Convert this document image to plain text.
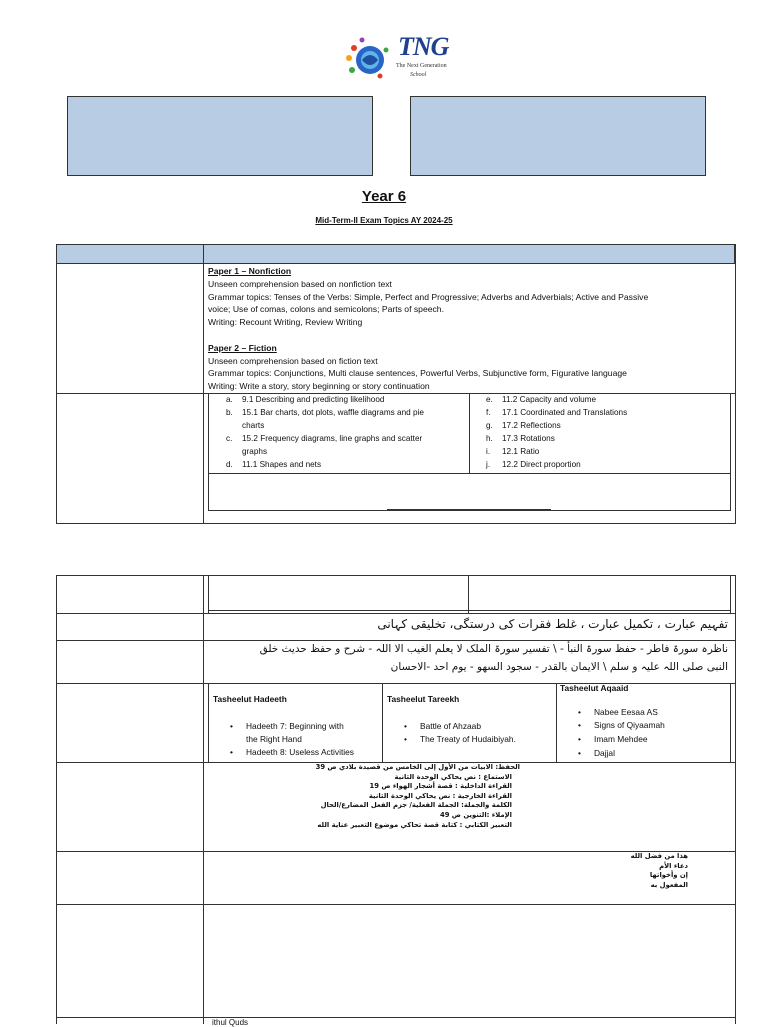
TNG
The Next Generation
School
Year 6
Mid-Term-II Exam Topics AY 2024-25
Paper 1 – Nonfiction
Unseen comprehension based on nonfiction text
Grammar topics: Tenses of the Verbs: Simple, Perfect and Progressive; Adverbs and Adverbials; Active and Passive
voice; Use of comas, colons and semicolons; Parts of speech.
Writing: Recount Writing, Review Writing
Paper 2 – Fiction
Unseen comprehension based on fiction text
Grammar topics: Conjunctions, Multi clause sentences, Powerful Verbs, Subjunctive form, Figurative language
Writing: Write a story, story beginning or story continuation
a. 9.1 Describing and predicting likelihood
b. 15.1 Bar charts, dot plots, waffle diagrams and pie
charts
c. 15.2 Frequency diagrams, line graphs and scatter
graphs
d. 11.1 Shapes and nets
e. 11.2 Capacity and volume
f. 17.1 Coordinated and Translations
g. 17.2 Reflections
h. 17.3 Rotations
i. 12.1 Ratio
j. 12.2 Direct proportion
تفہیم عبارت ، تکمیل عبارت ، غلط فقرات کی درستگی، تخلیقی کہانی
ناظرہ سورۃ فاطر - حفظ سورۃ النبأ - \ تفسیر سورۃ الملک لا یعلم الغیب الا اللہ - شرح و حفظ حدیث خلق
النبی صلی اللہ علیہ و سلم \ الایمان بالقدر - سجود السھو - یوم احد -الاحسان
Tasheelut Hadeeth
• Hadeeth 7: Beginning with
the Right Hand
• Hadeeth 8: Useless Activities
Tasheelut Tareekh
• Battle of Ahzaab
• The Treaty of Hudaibiyah.
Tasheelut Aqaaid
• Nabee Eesaa AS
• Signs of Qiyaamah
• Imam Mehdee
• Dajjal
الحفظ: الابيات من الأول إلى الخامس من قصيدة بلادي ص 39
الاستماع : نص يحاكي الوحدة الثانية
القراءة الداخلية : قصة أشجار الهواء ص 19
القراءة الخارجية : نص يحاكي الوحدة الثانية
الكلمة والجملة: الجملة الفعلية/ جزم الفعل المضارع/الحال
الإملاء :التنوين ص 49
التعبير الكتابي : كتابة قصة تحاكي موضوع التعبير عناية الله
هذا من فضل الله
دعاء الأم
إن وأخواتها
المفعول به
ithul Quds
